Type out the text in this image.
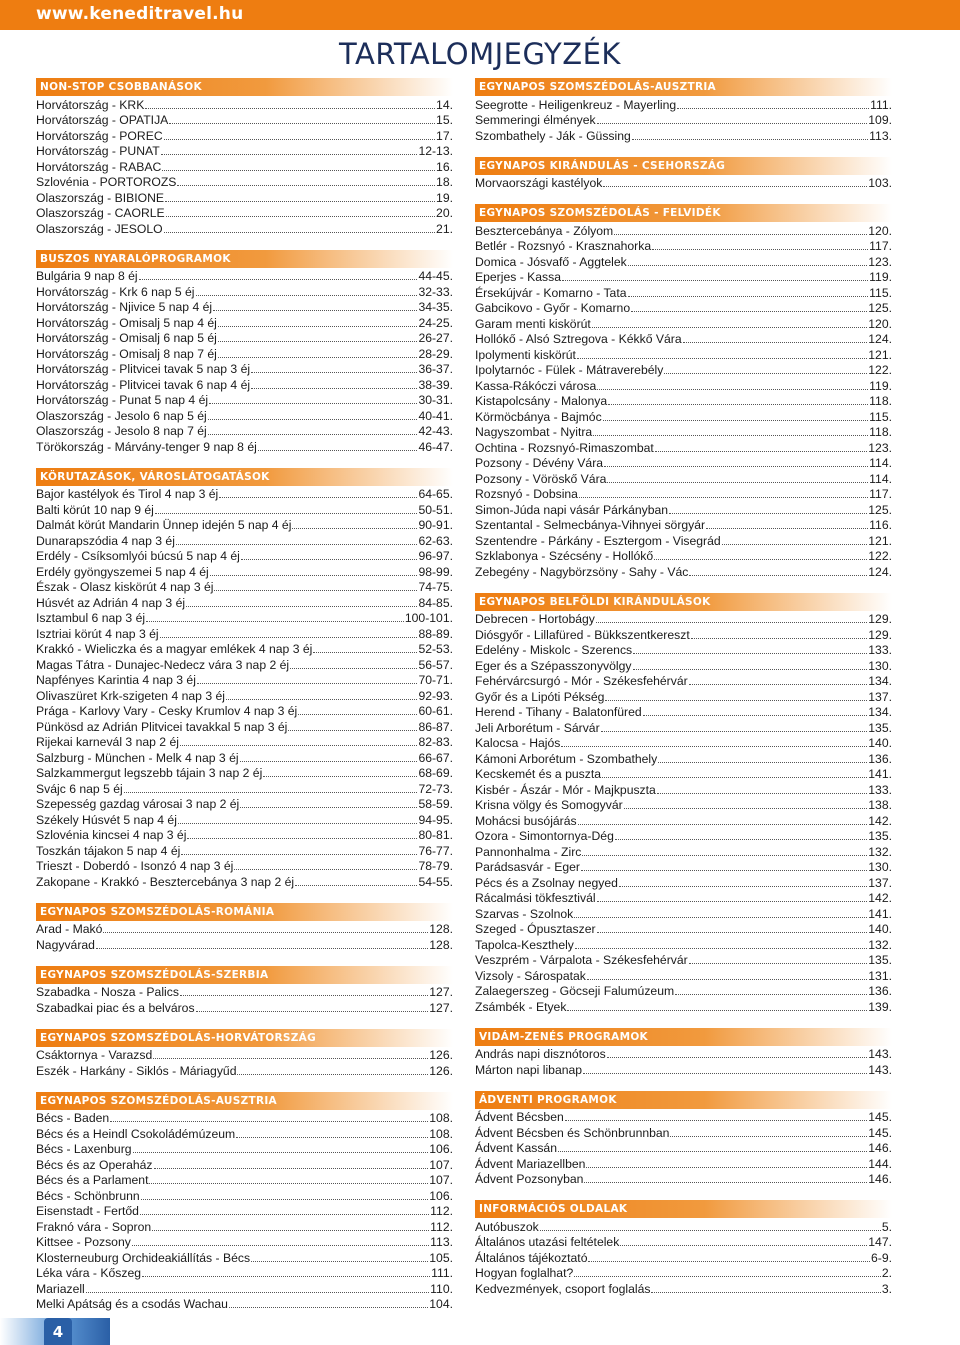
www.keneditravel.hu
TARTALOMJEGYZÉK
NON-STOP CSOBBANÁSOK
Horvátország - KRK	14.
Horvátország - OPATIJA	15.
Horvátország - POREC	17.
Horvátország - PUNAT	12-13.
Horvátország - RABAC	16.
Szlovénia - PORTOROZS	18.
Olaszország - BIBIONE	19.
Olaszország - CAORLE	20.
Olaszország - JESOLO	21.
BUSZOS NYARALÓPROGRAMOK
Bulgária 9 nap 8 éj	44-45.
Horvátország - Krk 6 nap 5 éj	32-33.
Horvátország - Njivice 5 nap 4 éj	34-35.
Horvátország - Omisalj 5 nap 4 éj	24-25.
Horvátország - Omisalj 6 nap 5 éj	26-27.
Horvátország - Omisalj 8 nap 7 éj	28-29.
Horvátország - Plitvicei tavak 5 nap 3 éj	36-37.
Horvátország - Plitvicei tavak 6 nap 4 éj	38-39.
Horvátország - Punat 5 nap 4 éj	30-31.
Olaszország - Jesolo 6 nap 5 éj	40-41.
Olaszország - Jesolo 8 nap 7 éj	42-43.
Törökország - Márvány-tenger 9 nap 8 éj	46-47.
KÖRUTAZÁSOK, VÁROSLÁTOGATÁSOK
Bajor kastélyok és Tirol 4 nap 3 éj	64-65.
Balti körút 10 nap 9 éj	50-51.
Dalmát körút Mandarin Ünnep idején 5 nap 4 éj	90-91.
Dunarapszódia 4 nap 3 éj	62-63.
Erdély - Csíksomlyói búcsú 5 nap 4 éj	96-97.
Erdély gyöngyszemei 5 nap 4 éj	98-99.
Észak - Olasz kiskörút 4 nap 3 éj	74-75.
Húsvét az Adrián 4 nap 3 éj	84-85.
Isztambul 6 nap 3 éj	100-101.
Isztriai körút 4 nap 3 éj	88-89.
Krakkó - Wieliczka és a magyar emlékek 4 nap 3 éj	52-53.
Magas Tátra - Dunajec-Nedecz vára 3 nap 2 éj	56-57.
Napfényes Karintia 4 nap 3 éj	70-71.
Olivaszüret Krk-szigeten 4 nap 3 éj	92-93.
Prága - Karlovy Vary - Cesky Krumlov 4 nap 3 éj	60-61.
Pünkösd az Adrián Plitvicei tavakkal 5 nap 3 éj	86-87.
Rijekai karnevál 3 nap 2 éj	82-83.
Salzburg - München - Melk 4 nap 3 éj	66-67.
Salzkammergut legszebb tájain 3 nap 2 éj	68-69.
Svájc 6 nap 5 éj	72-73.
Szepesség gazdag városai 3 nap 2 éj	58-59.
Székely Húsvét 5 nap 4 éj	94-95.
Szlovénia kincsei 4 nap 3 éj	80-81.
Toszkán tájakon 5 nap 4 éj	76-77.
Trieszt - Doberdó - Isonzó 4 nap 3 éj	78-79.
Zakopane - Krakkó - Besztercebánya 3 nap 2 éj	54-55.
EGYNAPOS SZOMSZÉDOLÁS-ROMÁNIA
Arad - Makó	128.
Nagyvárad	128.
EGYNAPOS SZOMSZÉDOLÁS-SZERBIA
Szabadka - Nosza - Palics	127.
Szabadkai piac és a belváros	127.
EGYNAPOS SZOMSZÉDOLÁS-HORVÁTORSZÁG
Csáktornya - Varazsd	126.
Eszék - Harkány - Siklós - Máriagyűd	126.
EGYNAPOS SZOMSZÉDOLÁS-AUSZTRIA
Bécs - Baden	108.
Bécs és a Heindl Csokoládémúzeum	108.
Bécs - Laxenburg	106.
Bécs és az Operaház	107.
Bécs és a Parlament	107.
Bécs - Schönbrunn	106.
Eisenstadt - Fertőd	112.
Fraknó vára - Sopron	112.
Kittsee - Pozsony	113.
Klosterneuburg Orchideakiállítás - Bécs	105.
Léka vára - Kőszeg	111.
Mariazell	110.
Melki Apátság és a csodás Wachau	104.
EGYNAPOS SZOMSZÉDOLÁS-AUSZTRIA
Seegrotte - Heiligenkreuz - Mayerling	111.
Semmeringi élmények	109.
Szombathely - Ják - Güssing	113.
EGYNAPOS KIRÁNDULÁS - CSEHORSZÁG
Morvaországi kastélyok	103.
EGYNAPOS SZOMSZÉDOLÁS - FELVIDÉK
Besztercebánya - Zólyom	120.
Betlér - Rozsnyó - Krasznahorka	117.
Domica - Jósvafő - Aggtelek	123.
Eperjes - Kassa	119.
Érsekújvár - Komarno - Tata	115.
Gabcikovo - Győr - Komarno	125.
Garam menti kiskörút	120.
Hollókő - Alsó Sztregova - Kékkő Vára	124.
Ipolymenti kiskörút	121.
Ipolytarnóc - Fülek - Mátraverebély	122.
Kassa-Rákóczi városa	119.
Kistapolcsány - Malonya	118.
Körmöcbánya - Bajmóc	115.
Nagyszombat - Nyitra	118.
Ochtina - Rozsnyó-Rimaszombat	123.
Pozsony - Dévény Vára	114.
Pozsony - Vöröskő Vára	114.
Rozsnyó - Dobsina	117.
Simon-Júda napi vásár Párkányban	125.
Szentantal - Selmecbánya-Vihnyei sörgyár	116.
Szentendre - Párkány - Esztergom - Visegrád	121.
Szklabonya - Szécsény - Hollókő	122.
Zebegény - Nagybörzsöny - Sahy - Vác	124.
EGYNAPOS BELFÖLDI KIRÁNDULÁSOK
Debrecen - Hortobágy	129.
Diósgyőr - Lillafüred - Bükkszentkereszt	129.
Edelény - Miskolc - Szerencs	133.
Eger és a Szépasszonyvölgy	130.
Fehérvárcsurgó - Mór - Székesfehérvár	134.
Győr és a Lipóti Pékség	137.
Herend - Tihany - Balatonfüred	134.
Jeli Arborétum - Sárvár	135.
Kalocsa - Hajós	140.
Kámoni Arborétum - Szombathely	136.
Kecskemét és a puszta	141.
Kisbér - Ászár - Mór - Majkpuszta	133.
Krisna völgy és Somogyvár	138.
Mohácsi busójárás	142.
Ozora - Simontornya-Dég	135.
Pannonhalma - Zirc	132.
Parádsasvár - Eger	130.
Pécs és a Zsolnay negyed	137.
Rácalmási tökfesztivál	142.
Szarvas - Szolnok	141.
Szeged - Ópusztaszer	140.
Tapolca-Keszthely	132.
Veszprém - Várpalota - Székesfehérvár	135.
Vizsoly - Sárospatak	131.
Zalaegerszeg - Göcseji Falumúzeum	136.
Zsámbék - Etyek	139.
VIDÁM-ZENÉS PROGRAMOK
András napi disznótoros	143.
Márton napi libanap	143.
ÁDVENTI PROGRAMOK
Ádvent Bécsben	145.
Ádvent Bécsben és Schönbrunnban	145.
Ádvent Kassán	146.
Ádvent Mariazellben	144.
Ádvent Pozsonyban	146.
INFORMÁCIÓS OLDALAK
Autóbuszok	5.
Általános utazási feltételek	147.
Általános tájékoztató	6-9.
Hogyan foglalhat?	2.
Kedvezmények, csoport foglalás	3.
4
